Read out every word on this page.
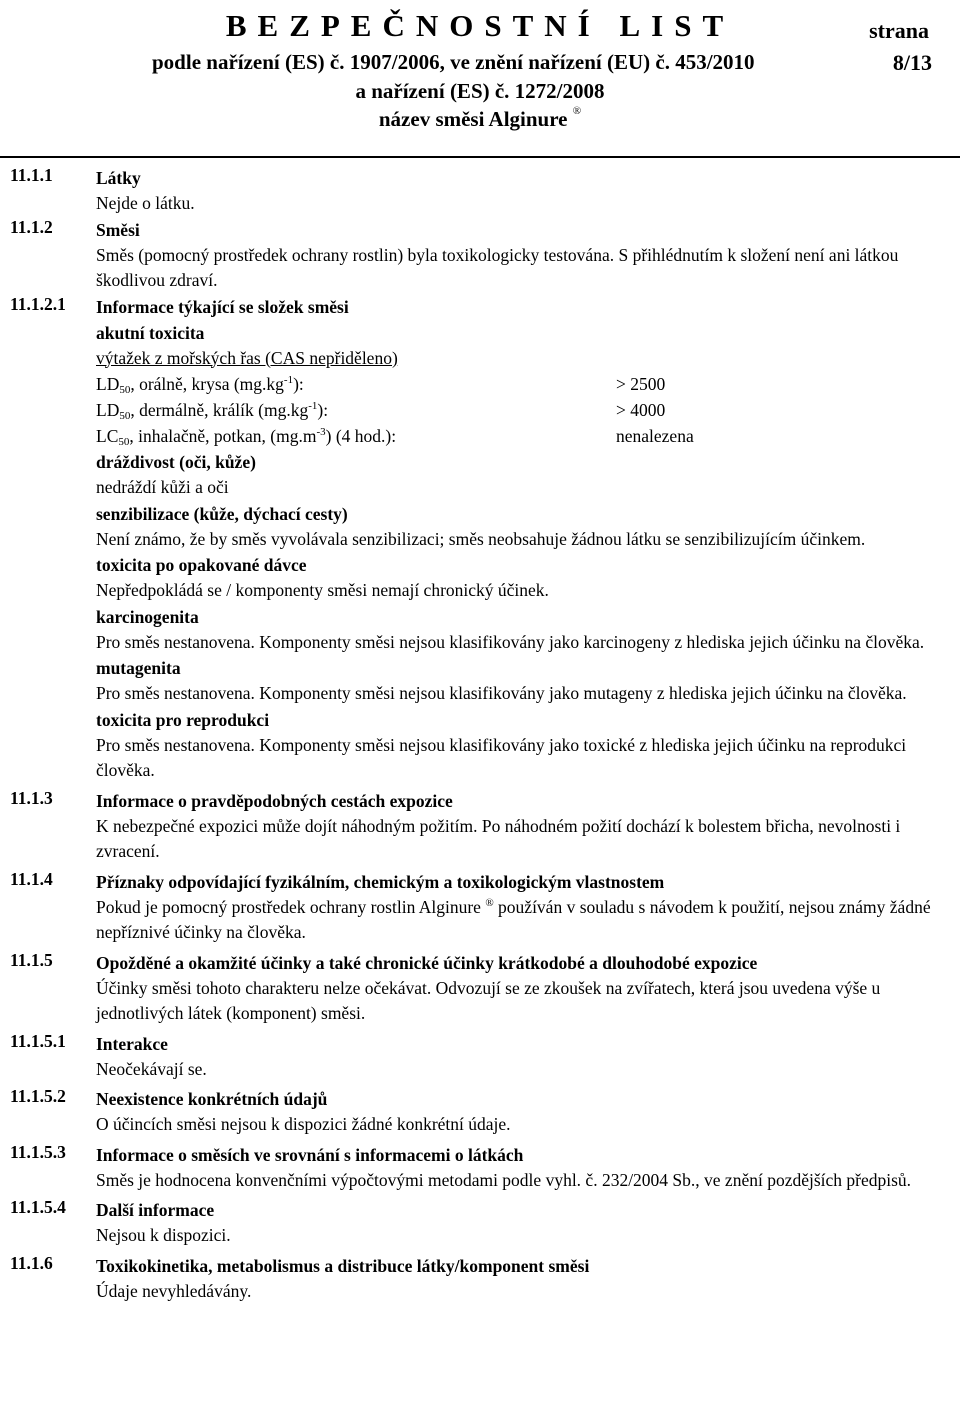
BEZPEČNOSTNÍ LIST	strana
podle nařízení (ES) č. 1907/2006, ve znění nařízení (EU) č. 453/2010	8/13
a nařízení (ES) č. 1272/2008
název směsi Alginure ®
11.1.1 Látky
Nejde o látku.
11.1.2 Směsi
Směs (pomocný prostředek ochrany rostlin) byla toxikologicky testována. S přihlédnutím k složení není ani látkou škodlivou zdraví.
11.1.2.1 Informace týkající se složek směsi
akutní toxicita
výtažek z mořských řas (CAS nepřiděleno)
$LD_{50}$, orálně, krysa $(mg.kg^{-1})$:	> 2500
$LD_{50}$, dermálně, králík $(mg.kg^{-1})$:	> 4000
$LC_{50}$, inhalačně, potkan, $(mg.m^{-3})$ (4 hod.):	nenalezena
dráždivost (oči, kůže)
nedráždí kůži a oči
senzibilizace (kůže, dýchací cesty)
Není známo, že by směs vyvolávala senzibilizaci; směs neobsahuje žádnou látku se senzibilizujícím účinkem.
toxicita po opakované dávce
Nepředpokládá se / komponenty směsi nemají chronický účinek.
karcinogenita
Pro směs nestanovena. Komponenty směsi nejsou klasifikovány jako karcinogeny z hlediska jejich účinku na člověka.
mutagenita
Pro směs nestanovena. Komponenty směsi nejsou klasifikovány jako mutageny z hlediska jejich účinku na člověka.
toxicita pro reprodukci
Pro směs nestanovena. Komponenty směsi nejsou klasifikovány jako toxické z hlediska jejich účinku na reprodukci člověka.
11.1.3 Informace o pravděpodobných cestách expozice
K nebezpečné expozici může dojít náhodným požitím. Po náhodném požití dochází k bolestem břicha, nevolnosti i zvracení.
11.1.4 Příznaky odpovídající fyzikálním, chemickým a toxikologickým vlastnostem
Pokud je pomocný prostředek ochrany rostlin Alginure ® používán v souladu s návodem k použití, nejsou známy žádné nepříznivé účinky na člověka.
11.1.5 Opožděné a okamžité účinky a také chronické účinky krátkodobé a dlouhodobé expozice
Účinky směsi tohoto charakteru nelze očekávat. Odvozují se ze zkoušek na zvířatech, která jsou uvedena výše u jednotlivých látek (komponent) směsi.
11.1.5.1 Interakce
Neočekávají se.
11.1.5.2 Neexistence konkrétních údajů
O účincích směsi nejsou k dispozici žádné konkrétní údaje.
11.1.5.3 Informace o směsích ve srovnání s informacemi o látkách
Směs je hodnocena konvenčními výpočtovými metodami podle vyhl. č. 232/2004 Sb., ve znění pozdějších předpisů.
11.1.5.4 Další informace
Nejsou k dispozici.
11.1.6 Toxikokinetika, metabolismus a distribuce látky/komponent směsi
Údaje nevyhledávány.
